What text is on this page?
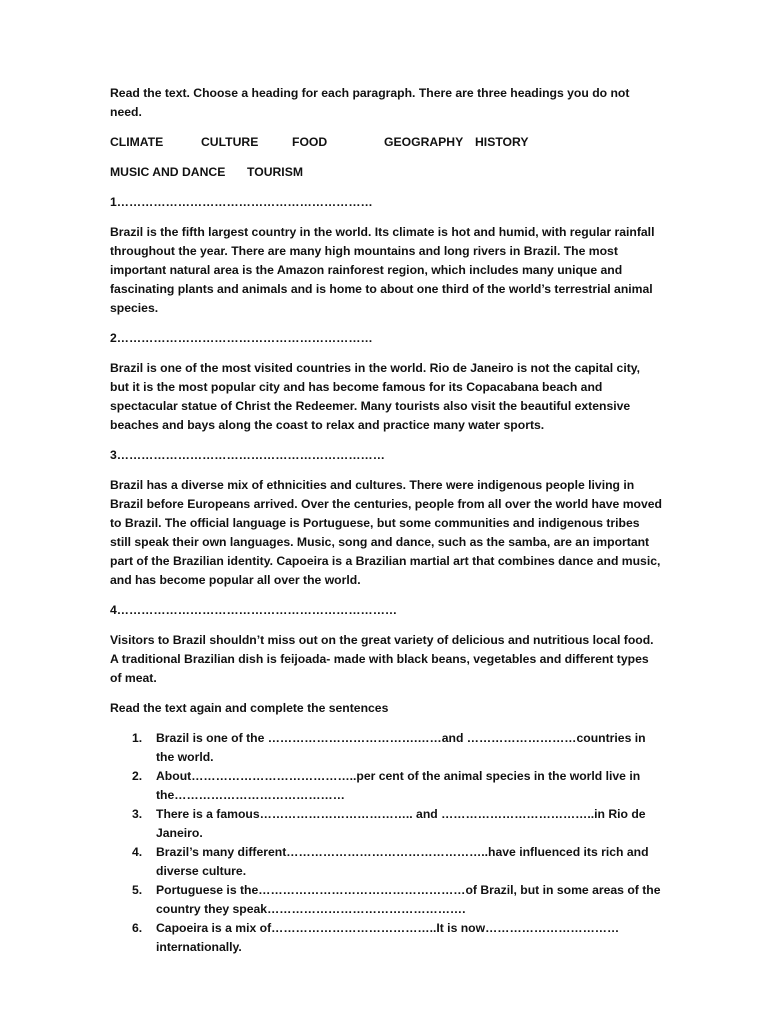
Read the text. Choose a heading for each paragraph. There are three headings you do not need.

CLIMATE	CULTURE	FOOD	GEOGRAPHY HISTORY
MUSIC AND DANCE TOURISM
1………………………………………………………

Brazil is the fifth largest country in the world. Its climate is hot and humid, with regular rainfall throughout the year. There are many high mountains and long rivers in Brazil. The most important natural area is the Amazon rainforest region, which includes many unique and fascinating plants and animals and is home to about one third of the world’s terrestrial animal species.

2………………………………………………………

Brazil is one of the most visited countries in the world. Rio de Janeiro is not the capital city, but it is the most popular city and has become famous for its Copacabana beach and spectacular statue of Christ the Redeemer. Many tourists also visit the beautiful extensive beaches and bays along the coast to relax and practice many water sports.

3…………………………………………………………

Brazil has a diverse mix of ethnicities and cultures. There were indigenous people living in Brazil before Europeans arrived. Over the centuries, people from all over the world have moved to Brazil. The official language is Portuguese, but some communities and indigenous tribes still speak their own languages. Music, song and dance, such as the samba, are an important part of the Brazilian identity. Capoeira is a Brazilian martial art that combines dance and music, and has become popular all over the world.

4……………………………………………………………

Visitors to Brazil shouldn’t miss out on the great variety of delicious and nutritious local food. A traditional Brazilian dish is feijoada- made with black beans, vegetables and different types of meat.

Read the text again and complete the sentences

1. Brazil is one of the ……………………………….……and ………………………countries in the world.
2. About…………………………………..per cent of the animal species in the world live in the……………………………………
3. There is a famous……………………………….. and ………………………………..in Rio de Janeiro.
4. Brazil’s many different…………………………………………..have influenced its rich and diverse culture.
5. Portuguese is the……………………………………………of Brazil, but in some areas of the country they speak………………………………………….
6. Capoeira is a mix of…………………………………..It is now……………………………internationally.
